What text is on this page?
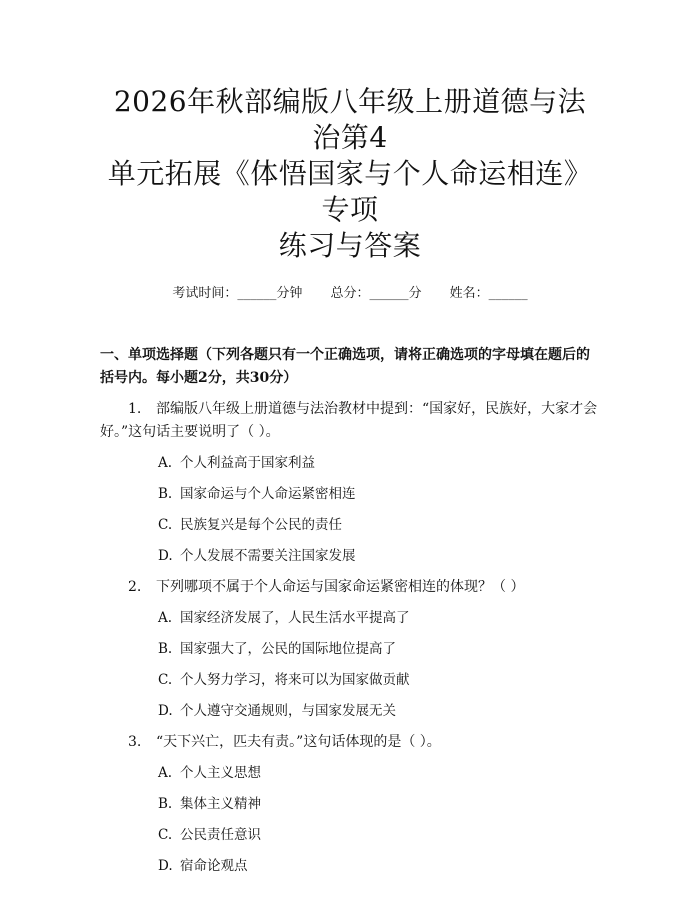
2026年秋部编版八年级上册道德与法治第4
单元拓展《体悟国家与个人命运相连》专项
练习与答案
考试时间：______分钟 总分：______分 姓名：______
一、单项选择题（下列各题只有一个正确选项，请将正确选项的字母填在题后的括号内。每小题2分，共30分）
1. 部编版八年级上册道德与法治教材中提到：“国家好，民族好，大家才会好。”这句话主要说明了（ ）。
A. 个人利益高于国家利益
B. 国家命运与个人命运紧密相连
C. 民族复兴是每个公民的责任
D. 个人发展不需要关注国家发展
2. 下列哪项不属于个人命运与国家命运紧密相连的体现？（ ）
A. 国家经济发展了，人民生活水平提高了
B. 国家强大了，公民的国际地位提高了
C. 个人努力学习，将来可以为国家做贡献
D. 个人遵守交通规则，与国家发展无关
3. “天下兴亡，匹夫有责。”这句话体现的是（ ）。
A. 个人主义思想
B. 集体主义精神
C. 公民责任意识
D. 宿命论观点
